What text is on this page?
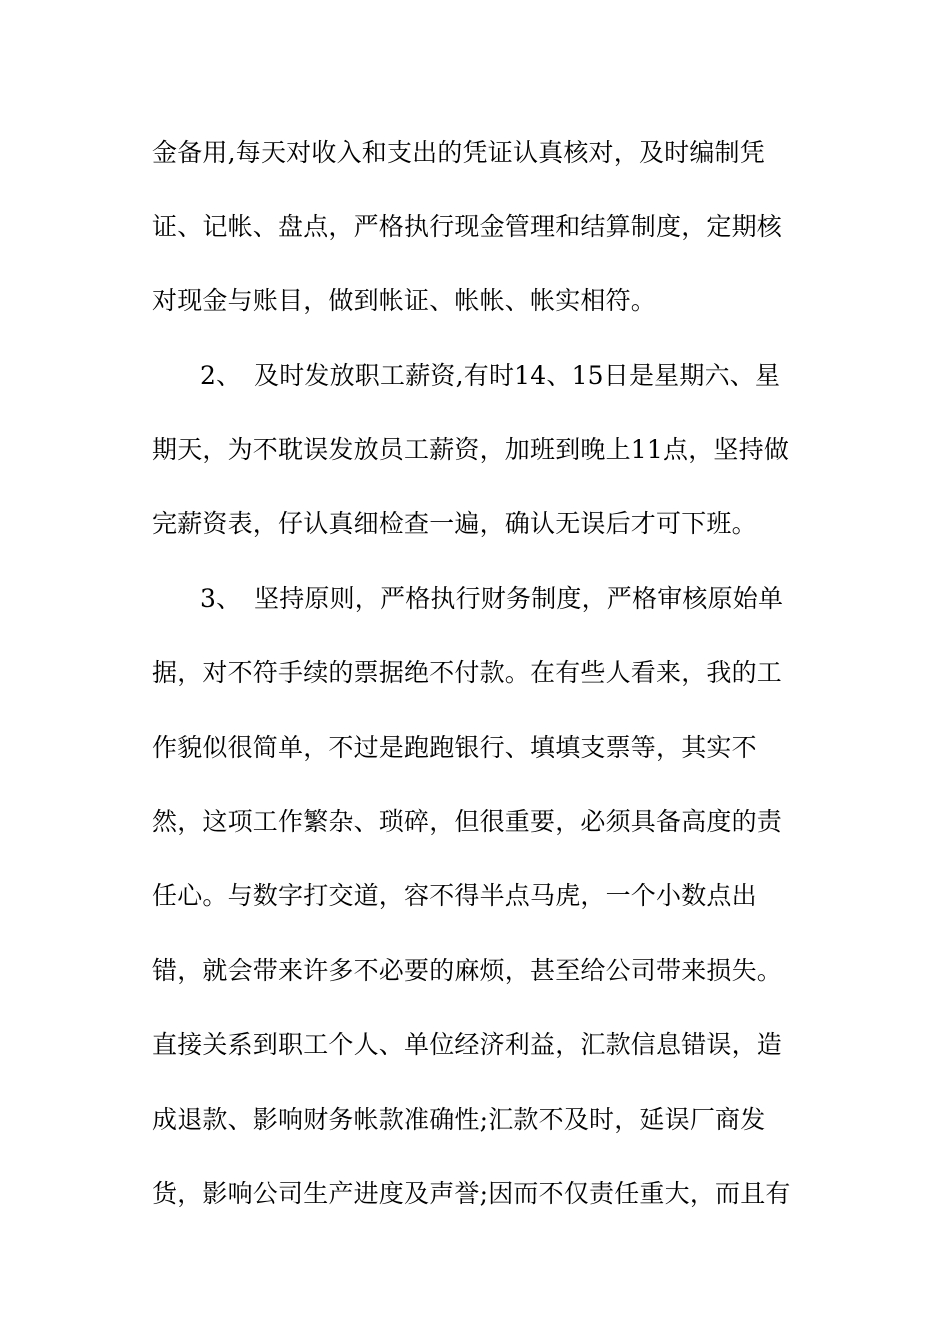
金备用,每天对收入和支出的凭证认真核对，及时编制凭
证、记帐、盘点，严格执行现金管理和结算制度，定期核
对现金与账目，做到帐证、帐帐、帐实相符。
2、　及时发放职工薪资,有时14、15日是星期六、星
期天，为不耽误发放员工薪资，加班到晚上11点，坚持做
完薪资表，仔认真细检查一遍，确认无误后才可下班。
3、　坚持原则，严格执行财务制度，严格审核原始单
据，对不符手续的票据绝不付款。在有些人看来，我的工
作貌似很简单，不过是跑跑银行、填填支票等，其实不
然，这项工作繁杂、琐碎，但很重要，必须具备高度的责
任心。与数字打交道，容不得半点马虎，一个小数点出
错，就会带来许多不必要的麻烦，甚至给公司带来损失。
直接关系到职工个人、单位经济利益，汇款信息错误，造
成退款、影响财务帐款准确性;汇款不及时，延误厂商发
货，影响公司生产进度及声誉;因而不仅责任重大，而且有
